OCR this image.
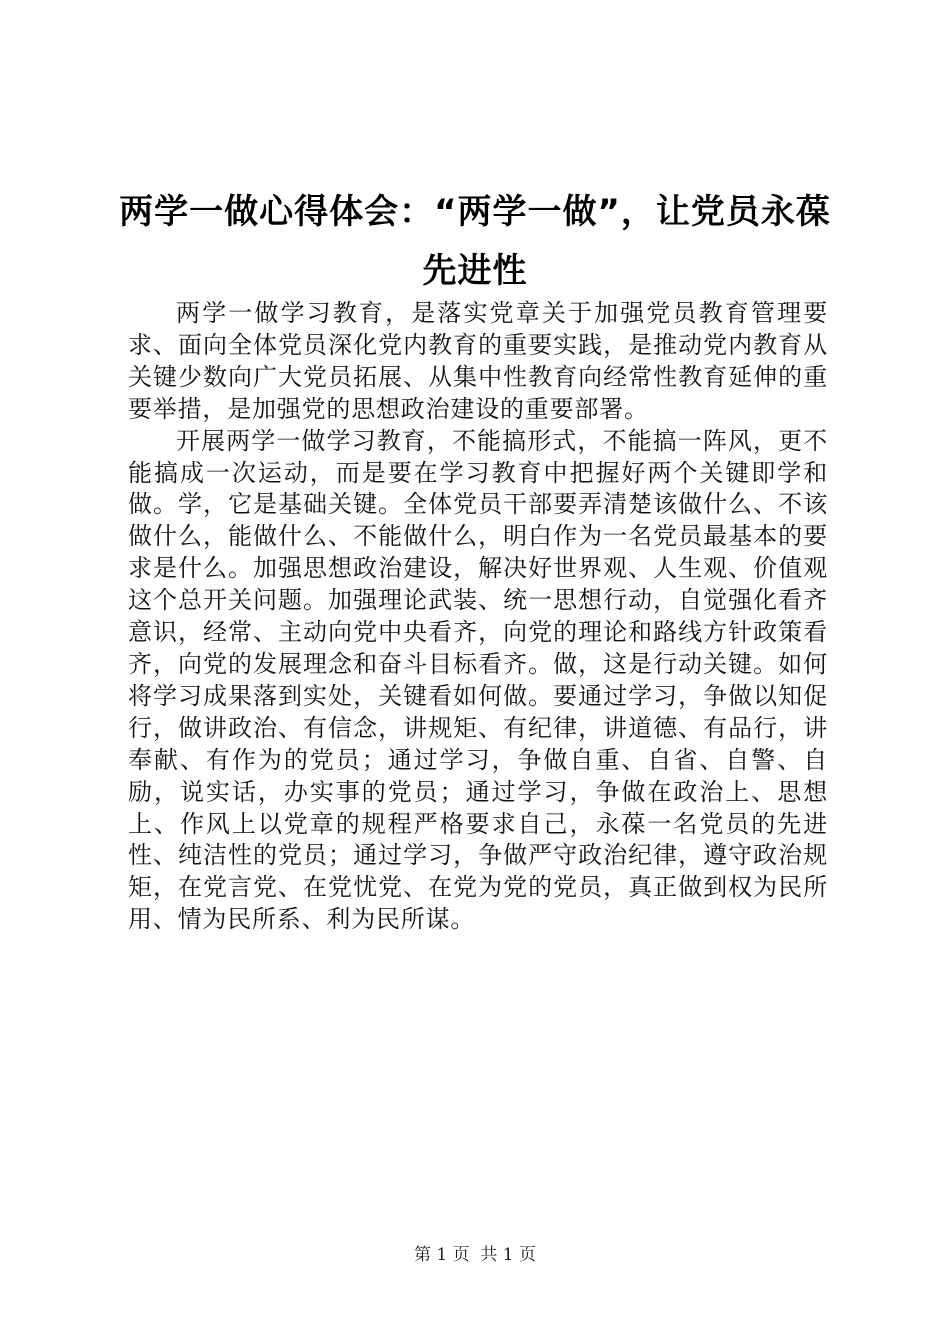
两学一做心得体会：“两学一做”，让党员永葆先进性

两学一做学习教育，是落实党章关于加强党员教育管理要求、面向全体党员深化党内教育的重要实践，是推动党内教育从关键少数向广大党员拓展、从集中性教育向经常性教育延伸的重要举措，是加强党的思想政治建设的重要部署。

开展两学一做学习教育，不能搞形式，不能搞一阵风，更不能搞成一次运动，而是要在学习教育中把握好两个关键即学和做。学，它是基础关键。全体党员干部要弄清楚该做什么、不该做什么，能做什么、不能做什么，明白作为一名党员最基本的要求是什么。加强思想政治建设，解决好世界观、人生观、价值观这个总开关问题。加强理论武装、统一思想行动，自觉强化看齐意识，经常、主动向党中央看齐，向党的理论和路线方针政策看齐，向党的发展理念和奋斗目标看齐。做，这是行动关键。如何将学习成果落到实处，关键看如何做。要通过学习，争做以知促行，做讲政治、有信念，讲规矩、有纪律，讲道德、有品行，讲奉献、有作为的党员；通过学习，争做自重、自省、自警、自励，说实话，办实事的党员；通过学习，争做在政治上、思想上、作风上以党章的规程严格要求自己，永葆一名党员的先进性、纯洁性的党员；通过学习，争做严守政治纪律，遵守政治规矩，在党言党、在党忧党、在党为党的党员，真正做到权为民所用、情为民所系、利为民所谋。

第 1 页  共 1 页
